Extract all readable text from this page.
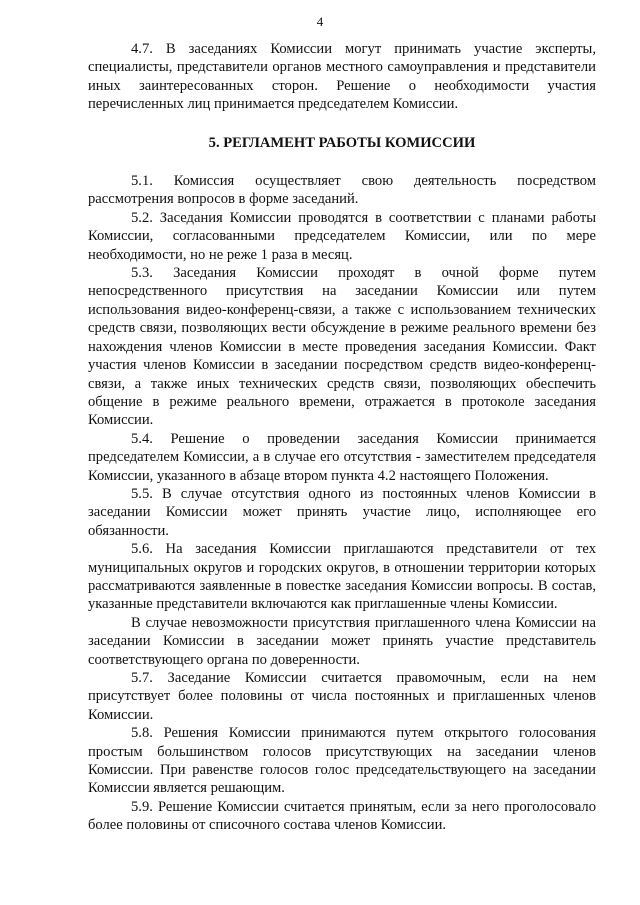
4

4.7. В заседаниях Комиссии могут принимать участие эксперты, специалисты, представители органов местного самоуправления и представители иных заинтересованных сторон. Решение о необходимости участия перечисленных лиц принимается председателем Комиссии.

5. РЕГЛАМЕНТ РАБОТЫ КОМИССИИ

5.1. Комиссия осуществляет свою деятельность посредством рассмотрения вопросов в форме заседаний.

5.2. Заседания Комиссии проводятся в соответствии с планами работы Комиссии, согласованными председателем Комиссии, или по мере необходимости, но не реже 1 раза в месяц.

5.3. Заседания Комиссии проходят в очной форме путем непосредственного присутствия на заседании Комиссии или путем использования видео-конференц-связи, а также с использованием технических средств связи, позволяющих вести обсуждение в режиме реального времени без нахождения членов Комиссии в месте проведения заседания Комиссии. Факт участия членов Комиссии в заседании посредством средств видео-конференц-связи, а также иных технических средств связи, позволяющих обеспечить общение в режиме реального времени, отражается в протоколе заседания Комиссии.

5.4. Решение о проведении заседания Комиссии принимается председателем Комиссии, а в случае его отсутствия - заместителем председателя Комиссии, указанного в абзаце втором пункта 4.2 настоящего Положения.

5.5. В случае отсутствия одного из постоянных членов Комиссии в заседании Комиссии может принять участие лицо, исполняющее его обязанности.

5.6. На заседания Комиссии приглашаются представители от тех муниципальных округов и городских округов, в отношении территории которых рассматриваются заявленные в повестке заседания Комиссии вопросы. В состав, указанные представители включаются как приглашенные члены Комиссии.

В случае невозможности присутствия приглашенного члена Комиссии на заседании Комиссии в заседании может принять участие представитель соответствующего органа по доверенности.

5.7. Заседание Комиссии считается правомочным, если на нем присутствует более половины от числа постоянных и приглашенных членов Комиссии.

5.8. Решения Комиссии принимаются путем открытого голосования простым большинством голосов присутствующих на заседании членов Комиссии. При равенстве голосов голос председательствующего на заседании Комиссии является решающим.

5.9. Решение Комиссии считается принятым, если за него проголосовало более половины от списочного состава членов Комиссии.
